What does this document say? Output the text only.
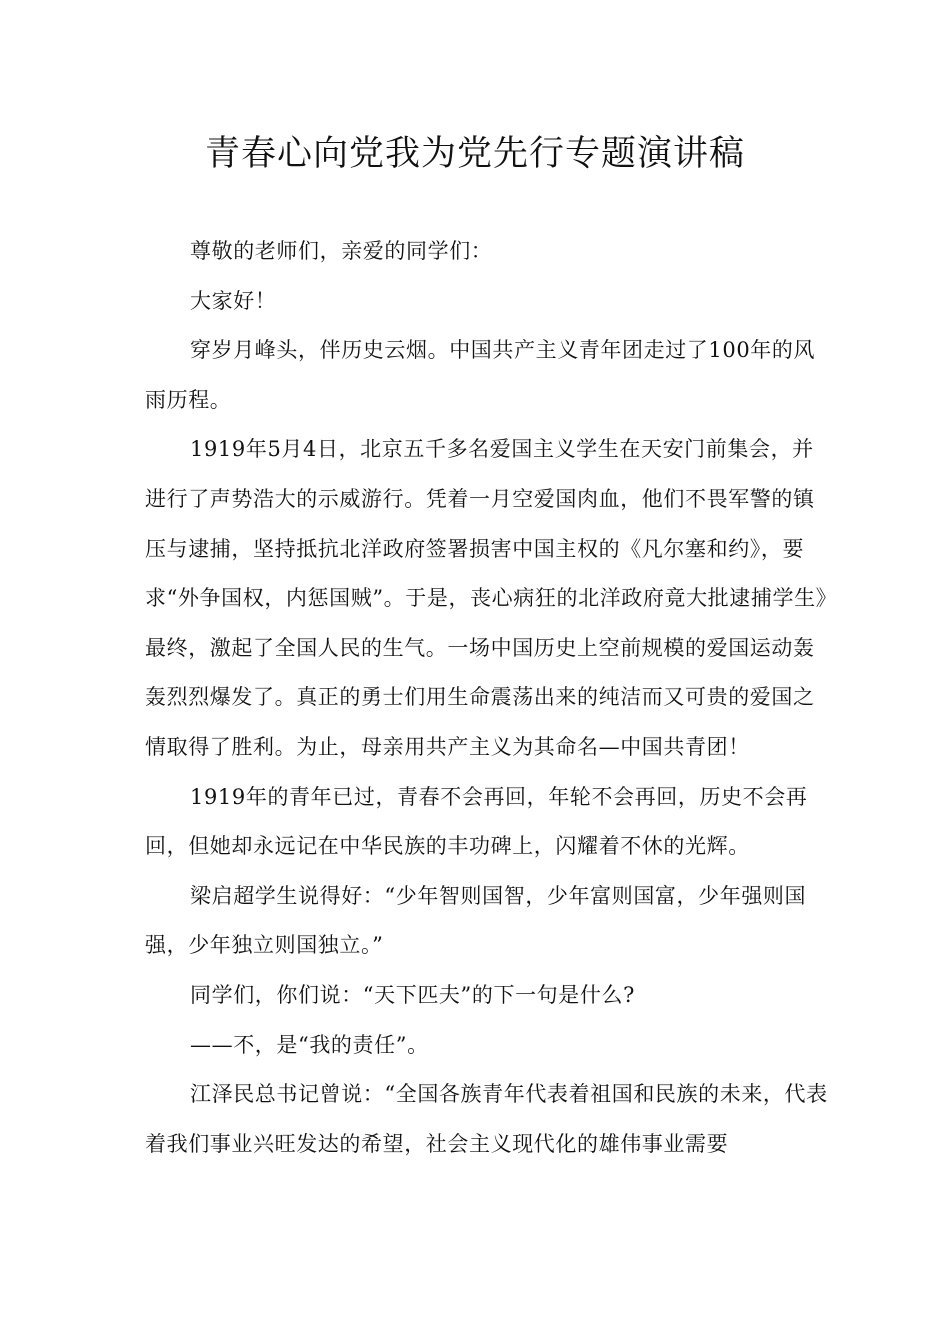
青春心向党我为党先行专题演讲稿

尊敬的老师们，亲爱的同学们：

大家好！

穿岁月峰头，伴历史云烟。中国共产主义青年团走过了100年的风雨历程。

1919年5月4日，北京五千多名爱国主义学生在天安门前集会，并进行了声势浩大的示威游行。凭着一月空爱国肉血，他们不畏军警的镇压与逮捕，坚持抵抗北洋政府签署损害中国主权的《凡尔塞和约》，要求“外争国权，内惩国贼”。于是，丧心病狂的北洋政府竟大批逮捕学生》最终，激起了全国人民的生气。一场中国历史上空前规模的爱国运动轰轰烈烈爆发了。真正的勇士们用生命震荡出来的纯洁而又可贵的爱国之情取得了胜利。为止，母亲用共产主义为其命名—中国共青团！

1919年的青年已过，青春不会再回，年轮不会再回，历史不会再回，但她却永远记在中华民族的丰功碑上，闪耀着不休的光辉。

梁启超学生说得好：“少年智则国智，少年富则国富，少年强则国强，少年独立则国独立。”

同学们，你们说：“天下匹夫”的下一句是什么?

——不，是“我的责任”。

江泽民总书记曾说：“全国各族青年代表着祖国和民族的未来，代表着我们事业兴旺发达的希望，社会主义现代化的雄伟事业需要
